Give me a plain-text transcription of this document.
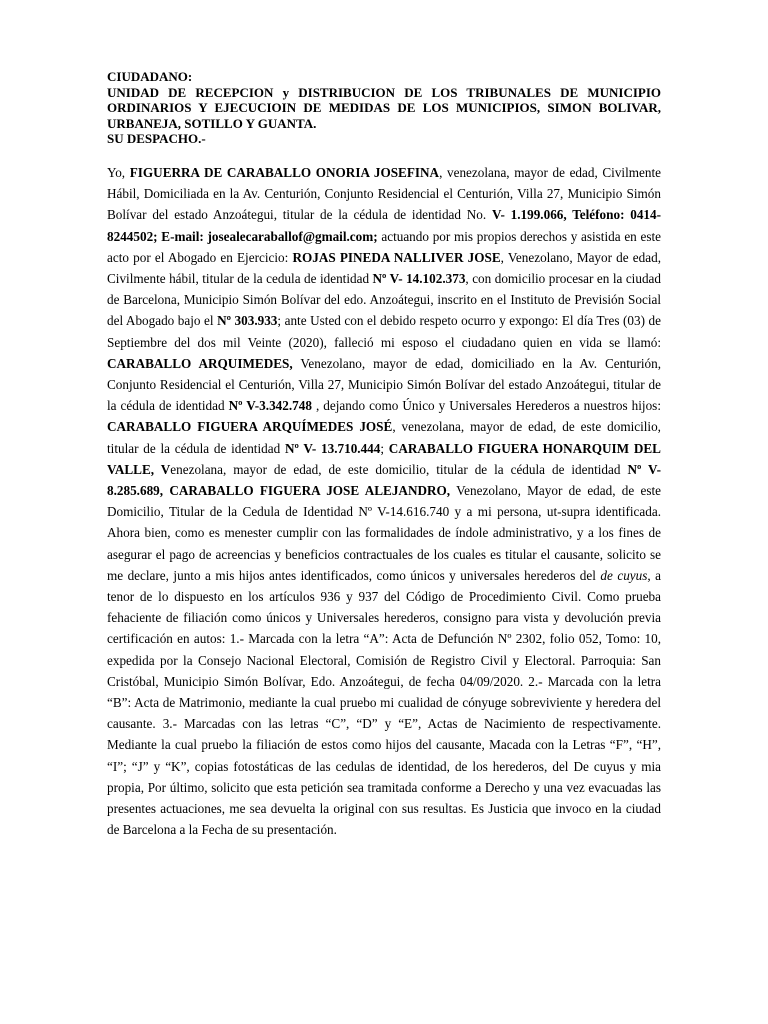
CIUDADANO:
UNIDAD DE RECEPCION y DISTRIBUCION DE LOS TRIBUNALES DE MUNICIPIO ORDINARIOS Y EJECUCIOIN DE MEDIDAS DE LOS MUNICIPIOS, SIMON BOLIVAR, URBANEJA, SOTILLO Y GUANTA.
SU DESPACHO.-
Yo, FIGUERRA DE CARABALLO ONORIA JOSEFINA, venezolana, mayor de edad, Civilmente Hábil, Domiciliada en la Av. Centurión, Conjunto Residencial el Centurión, Villa 27, Municipio Simón Bolívar del estado Anzoátegui, titular de la cédula de identidad No. V- 1.199.066, Teléfono: 0414-8244502; E-mail: josealecaraballof@gmail.com; actuando por mis propios derechos y asistida en este acto por el Abogado en Ejercicio: ROJAS PINEDA NALLIVER JOSE, Venezolano, Mayor de edad, Civilmente hábil, titular de la cedula de identidad Nº V- 14.102.373, con domicilio procesar en la ciudad de Barcelona, Municipio Simón Bolívar del edo. Anzoátegui, inscrito en el Instituto de Previsión Social del Abogado bajo el Nº 303.933; ante Usted con el debido respeto ocurro y expongo: El día Tres (03) de Septiembre del dos mil Veinte (2020), falleció mi esposo el ciudadano quien en vida se llamó: CARABALLO ARQUIMEDES, Venezolano, mayor de edad, domiciliado en la Av. Centurión, Conjunto Residencial el Centurión, Villa 27, Municipio Simón Bolívar del estado Anzoátegui, titular de la cédula de identidad Nº V-3.342.748 , dejando como Único y Universales Herederos a nuestros hijos: CARABALLO FIGUERA ARQUÍMEDES JOSÉ, venezolana, mayor de edad, de este domicilio, titular de la cédula de identidad Nº V- 13.710.444; CARABALLO FIGUERA HONARQUIM DEL VALLE, Venezolana, mayor de edad, de este domicilio, titular de la cédula de identidad Nº V- 8.285.689, CARABALLO FIGUERA JOSE ALEJANDRO, Venezolano, Mayor de edad, de este Domicilio, Titular de la Cedula de Identidad Nº V-14.616.740 y a mi persona, ut-supra identificada. Ahora bien, como es menester cumplir con las formalidades de índole administrativo, y a los fines de asegurar el pago de acreencias y beneficios contractuales de los cuales es titular el causante, solicito se me declare, junto a mis hijos antes identificados, como únicos y universales herederos del de cuyus, a tenor de lo dispuesto en los artículos 936 y 937 del Código de Procedimiento Civil. Como prueba fehaciente de filiación como únicos y Universales herederos, consigno para vista y devolución previa certificación en autos: 1.- Marcada con la letra “A”: Acta de Defunción Nº 2302, folio 052, Tomo: 10, expedida por la Consejo Nacional Electoral, Comisión de Registro Civil y Electoral. Parroquia: San Cristóbal, Municipio Simón Bolívar, Edo. Anzoátegui, de fecha 04/09/2020. 2.- Marcada con la letra “B”: Acta de Matrimonio, mediante la cual pruebo mi cualidad de cónyuge sobreviviente y heredera del causante. 3.- Marcadas con las letras “C”, “D” y “E”, Actas de Nacimiento de respectivamente. Mediante la cual pruebo la filiación de estos como hijos del causante, Macada con la Letras “F”, “H”, “I”; “J” y “K”, copias fotostáticas de las cedulas de identidad, de los herederos, del De cuyus y mia propia, Por último, solicito que esta petición sea tramitada conforme a Derecho y una vez evacuadas las presentes actuaciones, me sea devuelta la original con sus resultas. Es Justicia que invoco en la ciudad de Barcelona a la Fecha de su presentación.
